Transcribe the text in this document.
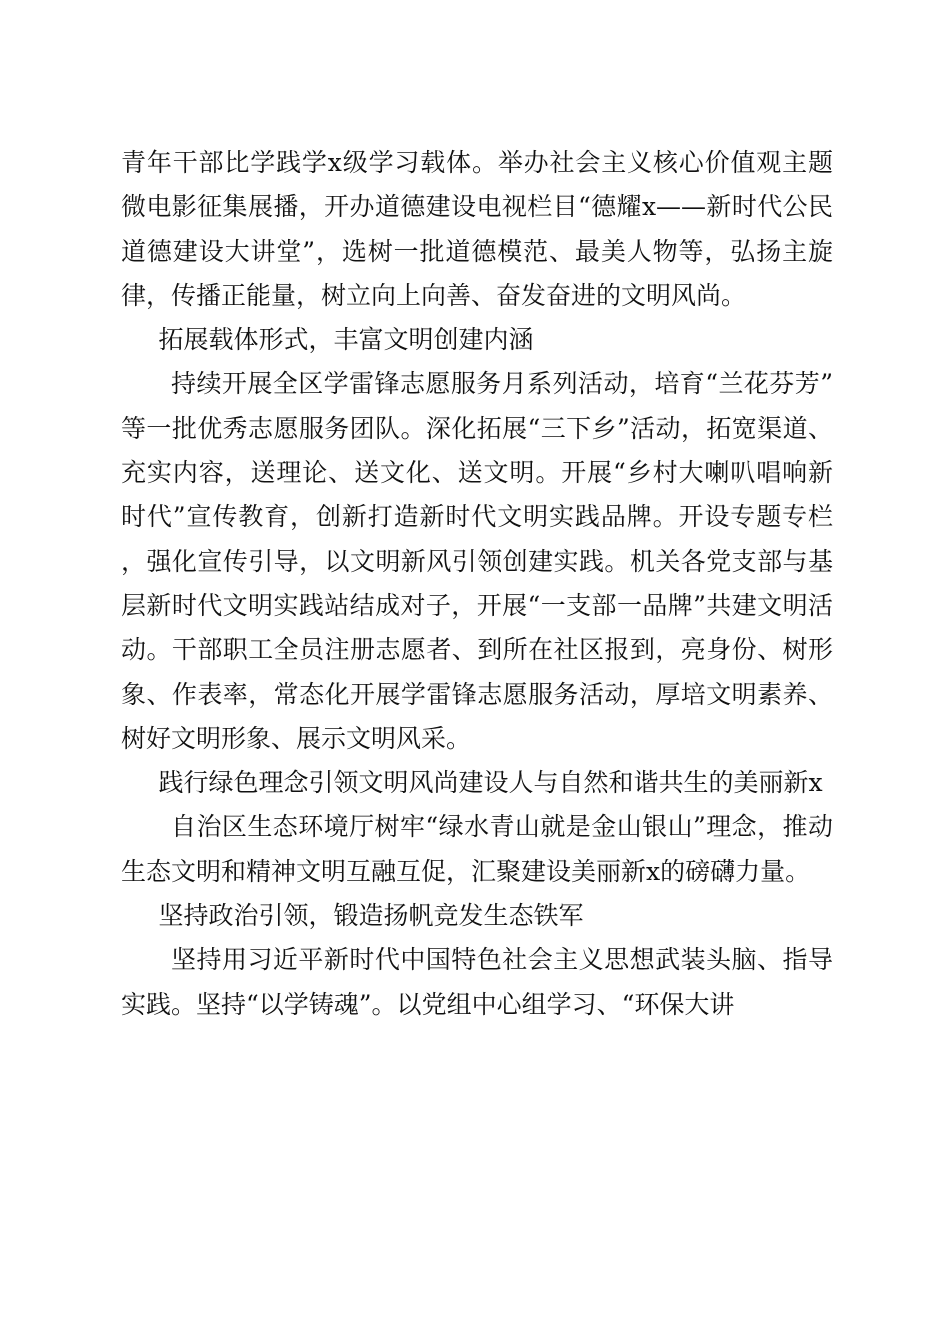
青年干部比学践学x级学习载体。举办社会主义核心价值观主题微电影征集展播，开办道德建设电视栏目“德耀x——新时代公民道德建设大讲堂”，选树一批道德模范、最美人物等，弘扬主旋律，传播正能量，树立向上向善、奋发奋进的文明风尚。

拓展载体形式，丰富文明创建内涵

持续开展全区学雷锋志愿服务月系列活动，培育“兰花芬芳”等一批优秀志愿服务团队。深化拓展“三下乡”活动，拓宽渠道、充实内容，送理论、送文化、送文明。开展“乡村大喇叭唱响新时代”宣传教育，创新打造新时代文明实践品牌。开设专题专栏，强化宣传引导，以文明新风引领创建实践。机关各党支部与基层新时代文明实践站结成对子，开展“一支部一品牌”共建文明活动。干部职工全员注册志愿者、到所在社区报到，亮身份、树形象、作表率，常态化开展学雷锋志愿服务活动，厚培文明素养、树好文明形象、展示文明风采。

践行绿色理念引领文明风尚建设人与自然和谐共生的美丽新x

自治区生态环境厅树牢“绿水青山就是金山银山”理念，推动生态文明和精神文明互融互促，汇聚建设美丽新x的磅礴力量。

坚持政治引领，锻造扬帆竞发生态铁军

坚持用习近平新时代中国特色社会主义思想武装头脑、指导实践。坚持“以学铸魂”。以党组中心组学习、“环保大讲
